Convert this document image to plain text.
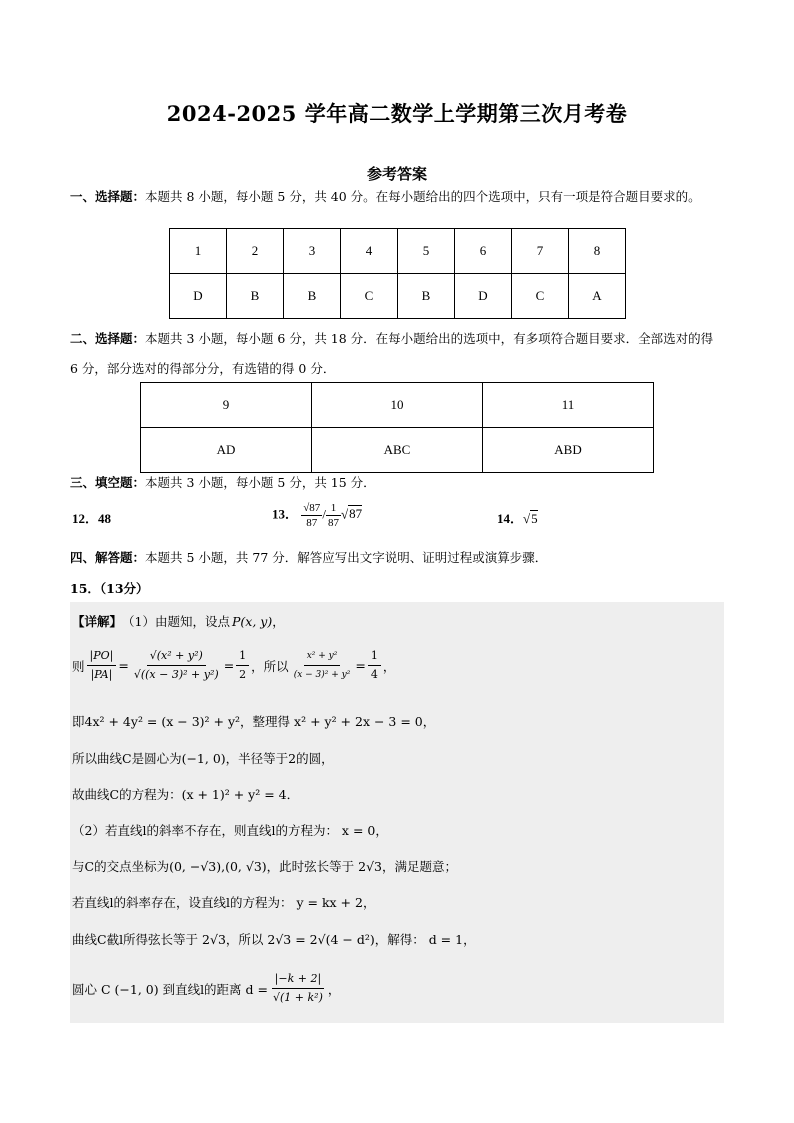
2024-2025 学年高二数学上学期第三次月考卷
参考答案
一、选择题：本题共 8 小题，每小题 5 分，共 40 分。在每小题给出的四个选项中，只有一项是符合题目要求的。
1	2	3	4	5	6	7	8
D	B	B	C	B	D	C	A
二、选择题：本题共 3 小题，每小题 6 分，共 18 分．在每小题给出的选项中，有多项符合题目要求．全部选对的得 6 分，部分选对的得部分分，有选错的得 0 分．
9	10	11
AD	ABC	ABD
三、填空题：本题共 3 小题，每小题 5 分，共 15 分．
12．48	13． $\frac{√87}{87} / \frac{1}{87} √87$	14．√5
四、解答题：本题共 5 小题，共 77 分．解答应写出文字说明、证明过程或演算步骤．
15．（13分）
【详解】 （1）由题知，设点 P(x, y) ，
则 $\frac{|PO|}{|PA|} = \frac{\text{√(x² + y²)}}{\text{√((x − 3)² + y²)}} = \frac{1}{2}$ ，所以 $\frac{\text{x² + y²}}{\text{(x − 3)² + y²}} = \frac{1}{4}$ ，
即4x² + 4y² = (x − 3)² + y²，整理得 x² + y² + 2x − 3 = 0，
所以曲线C是圆心为(−1, 0)，半径等于2的圆，
故曲线C的方程为：(x + 1)² + y² = 4．
（2）若直线l的斜率不存在，则直线l的方程为： x = 0，
与C的交点坐标为(0, −√3),(0, √3)，此时弦长等于 2√3，满足题意；
若直线l的斜率存在，设直线l的方程为： y = kx + 2，
曲线C截l所得弦长等于 2√3，所以 2√3 = 2√(4 − d²)，解得： d = 1，
圆心 C (−1, 0) 到直线l的距离 $d = \frac{|-k + 2|}{\text{√(1 + k²)}}$ ，
